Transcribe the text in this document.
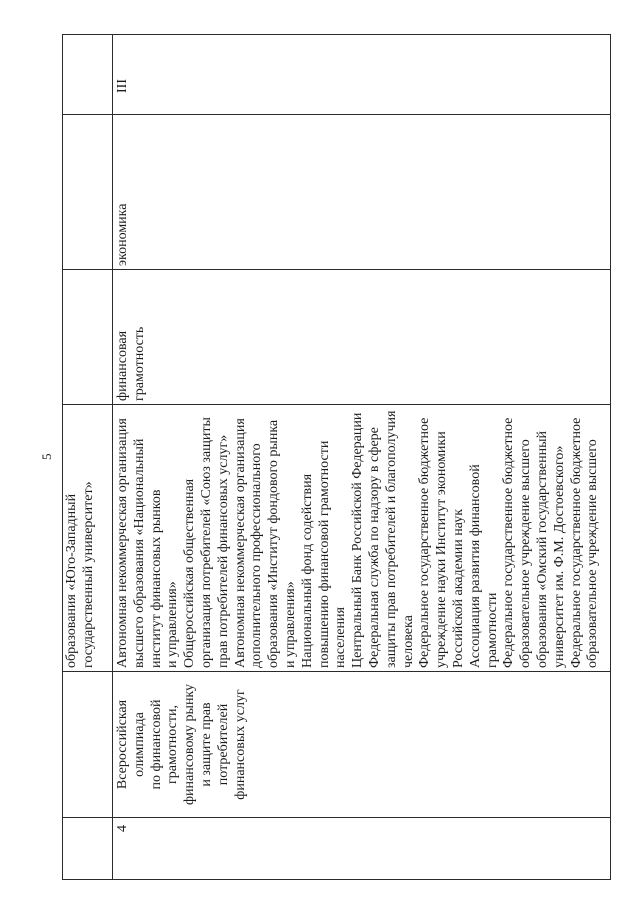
5
образования «Юго-Западный государственный университет»
4
Всероссийская олимпиада по финансовой грамотности, финансовому рынку и защите прав потребителей финансовых услуг
Автономная некоммерческая организация высшего образования «Национальный институт финансовых рынков и управления» Общероссийская общественная организация потребителей «Союз защиты прав потребителей финансовых услуг» Автономная некоммерческая организация дополнительного профессионального образования «Институт фондового рынка и управления» Национальный фонд содействия повышению финансовой грамотности населения Центральный Банк Российской Федерации Федеральная служба по надзору в сфере защиты прав потребителей и благополучия человека Федеральное государственное бюджетное учреждение науки Институт экономики Российской академии наук Ассоциация развития финансовой грамотности Федеральное государственное бюджетное образовательное учреждение высшего образования «Омский государственный университет им. Ф.М. Достоевского» Федеральное государственное бюджетное образовательное учреждение высшего
финансовая грамотность
экономика
III
